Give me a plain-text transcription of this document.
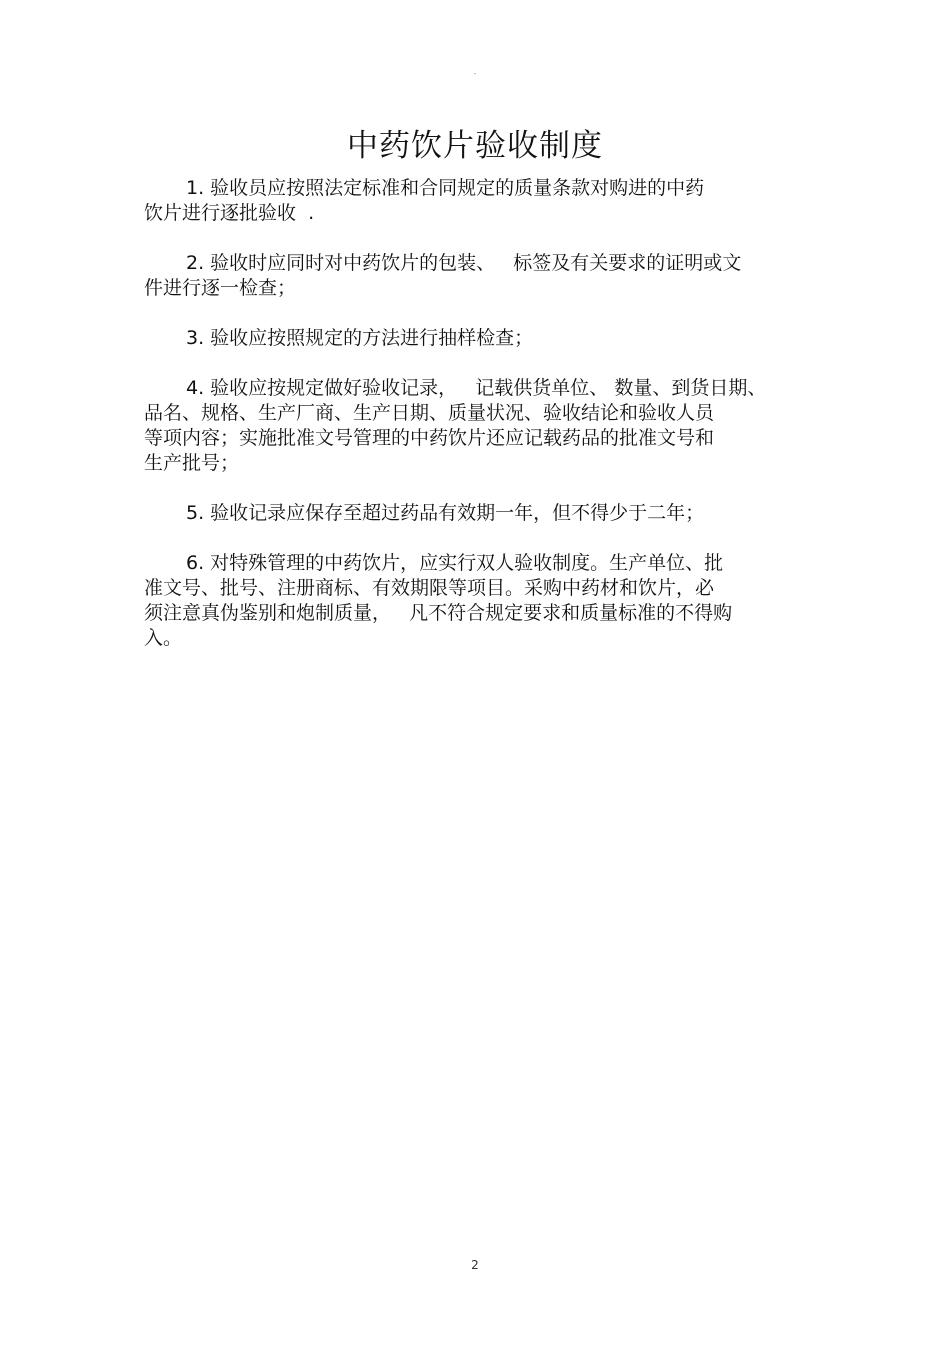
-
中药饮片验收制度

1. 验收员应按照法定标准和合同规定的质量条款对购进的中药
饮片进行逐批验收  .

2. 验收时应同时对中药饮片的包装、   标签及有关要求的证明或文
件进行逐一检查；

3. 验收应按照规定的方法进行抽样检查；

4. 验收应按规定做好验收记录，   记载供货单位、 数量、到货日期、
品名、规格、生产厂商、生产日期、质量状况、验收结论和验收人员
等项内容；实施批准文号管理的中药饮片还应记载药品的批准文号和
生产批号；

5. 验收记录应保存至超过药品有效期一年，但不得少于二年；

6. 对特殊管理的中药饮片，应实行双人验收制度。生产单位、批
准文号、批号、注册商标、有效期限等项目。采购中药材和饮片，必
须注意真伪鉴别和炮制质量，   凡不符合规定要求和质量标准的不得购
入。

2
